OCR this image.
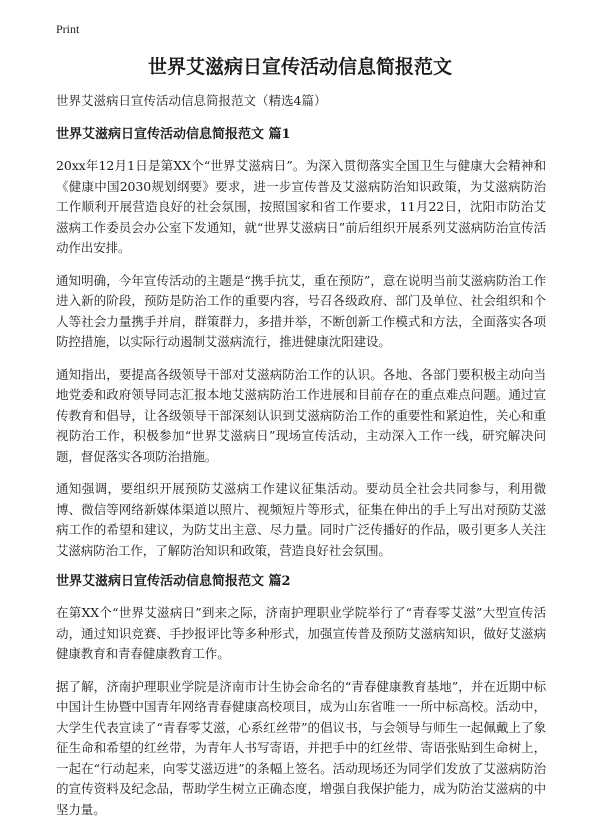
Print
世界艾滋病日宣传活动信息简报范文

世界艾滋病日宣传活动信息简报范文（精选4篇）

世界艾滋病日宣传活动信息简报范文 篇1

20xx年12月1日是第XX个“世界艾滋病日”。为深入贯彻落实全国卫生与健康大会精神和《健康中国2030规划纲要》要求，进一步宣传普及艾滋病防治知识政策，为艾滋病防治工作顺利开展营造良好的社会氛围，按照国家和省工作要求，11月22日，沈阳市防治艾滋病工作委员会办公室下发通知，就“世界艾滋病日”前后组织开展系列艾滋病防治宣传活动作出安排。

通知明确，今年宣传活动的主题是“携手抗艾，重在预防”，意在说明当前艾滋病防治工作进入新的阶段，预防是防治工作的重要内容，号召各级政府、部门及单位、社会组织和个人等社会力量携手并肩，群策群力，多措并举，不断创新工作模式和方法，全面落实各项防控措施，以实际行动遏制艾滋病流行，推进健康沈阳建设。

通知指出，要提高各级领导干部对艾滋病防治工作的认识。各地、各部门要积极主动向当地党委和政府领导同志汇报本地艾滋病防治工作进展和目前存在的重点难点问题。通过宣传教育和倡导，让各级领导干部深刻认识到艾滋病防治工作的重要性和紧迫性，关心和重视防治工作，积极参加“世界艾滋病日”现场宣传活动，主动深入工作一线，研究解决问题，督促落实各项防治措施。

通知强调，要组织开展预防艾滋病工作建议征集活动。要动员全社会共同参与，利用微博、微信等网络新媒体渠道以照片、视频短片等形式，征集在伸出的手上写出对预防艾滋病工作的希望和建议，为防艾出主意、尽力量。同时广泛传播好的作品，吸引更多人关注艾滋病防治工作，了解防治知识和政策，营造良好社会氛围。

世界艾滋病日宣传活动信息简报范文 篇2

在第XX个“世界艾滋病日”到来之际，济南护理职业学院举行了“青春零艾滋”大型宣传活动，通过知识竞赛、手抄报评比等多种形式，加强宣传普及预防艾滋病知识，做好艾滋病健康教育和青春健康教育工作。

据了解，济南护理职业学院是济南市计生协会命名的“青春健康教育基地”，并在近期中标中国计生协暨中国青年网络青春健康高校项目，成为山东省唯一一所中标高校。活动中，大学生代表宣读了“青春零艾滋，心系红丝带”的倡议书，与会领导与师生一起佩戴上了象征生命和希望的红丝带，为青年人书写寄语，并把手中的红丝带、寄语张贴到生命树上，一起在“行动起来，向零艾滋迈进”的条幅上签名。活动现场还为同学们发放了艾滋病防治的宣传资料及纪念品，帮助学生树立正确态度，增强自我保护能力，成为防治艾滋病的中坚力量。
